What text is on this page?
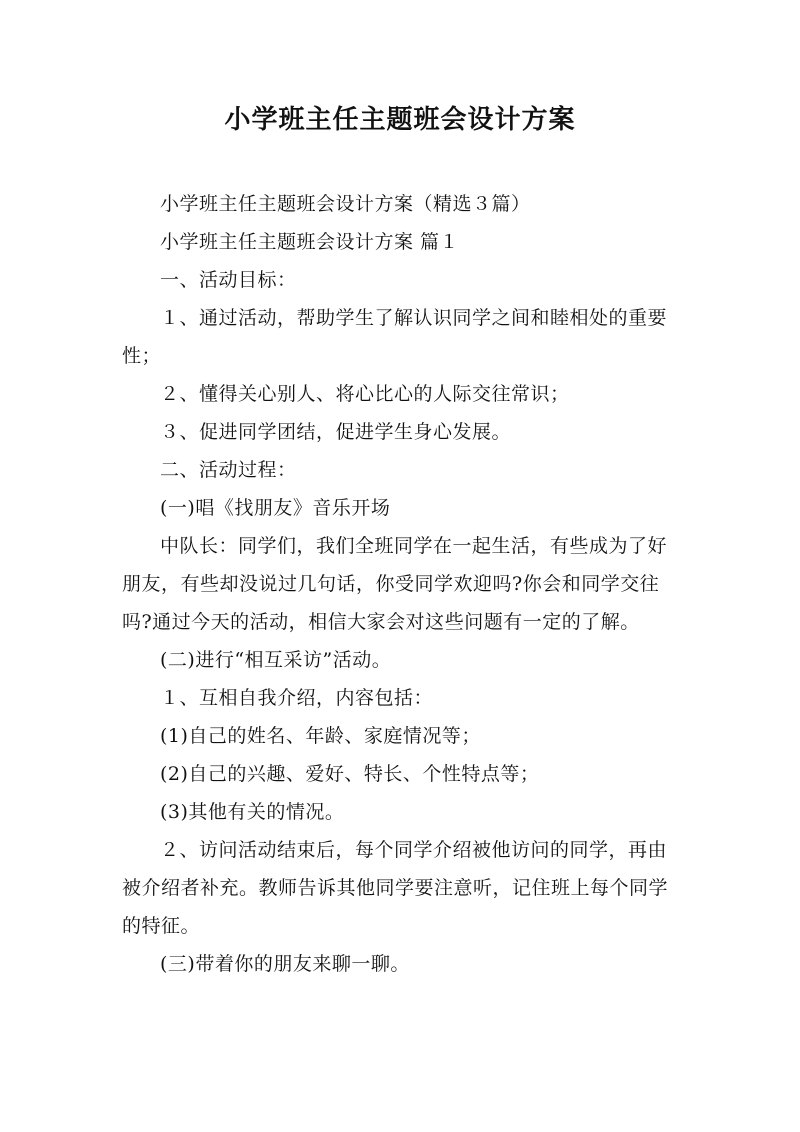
小学班主任主题班会设计方案

小学班主任主题班会设计方案（精选３篇）

小学班主任主题班会设计方案 篇１

一、活动目标：

１、通过活动，帮助学生了解认识同学之间和睦相处的重要性；

２、懂得关心别人、将心比心的人际交往常识；

３、促进同学团结，促进学生身心发展。

二、活动过程：

(一)唱《找朋友》音乐开场

中队长：同学们，我们全班同学在一起生活，有些成为了好朋友，有些却没说过几句话，你受同学欢迎吗?你会和同学交往吗?通过今天的活动，相信大家会对这些问题有一定的了解。

(二)进行“相互采访”活动。

１、互相自我介绍，内容包括：

(1)自己的姓名、年龄、家庭情况等；

(2)自己的兴趣、爱好、特长、个性特点等；

(3)其他有关的情况。

２、访问活动结束后，每个同学介绍被他访问的同学，再由被介绍者补充。教师告诉其他同学要注意听，记住班上每个同学的特征。

(三)带着你的朋友来聊一聊。
